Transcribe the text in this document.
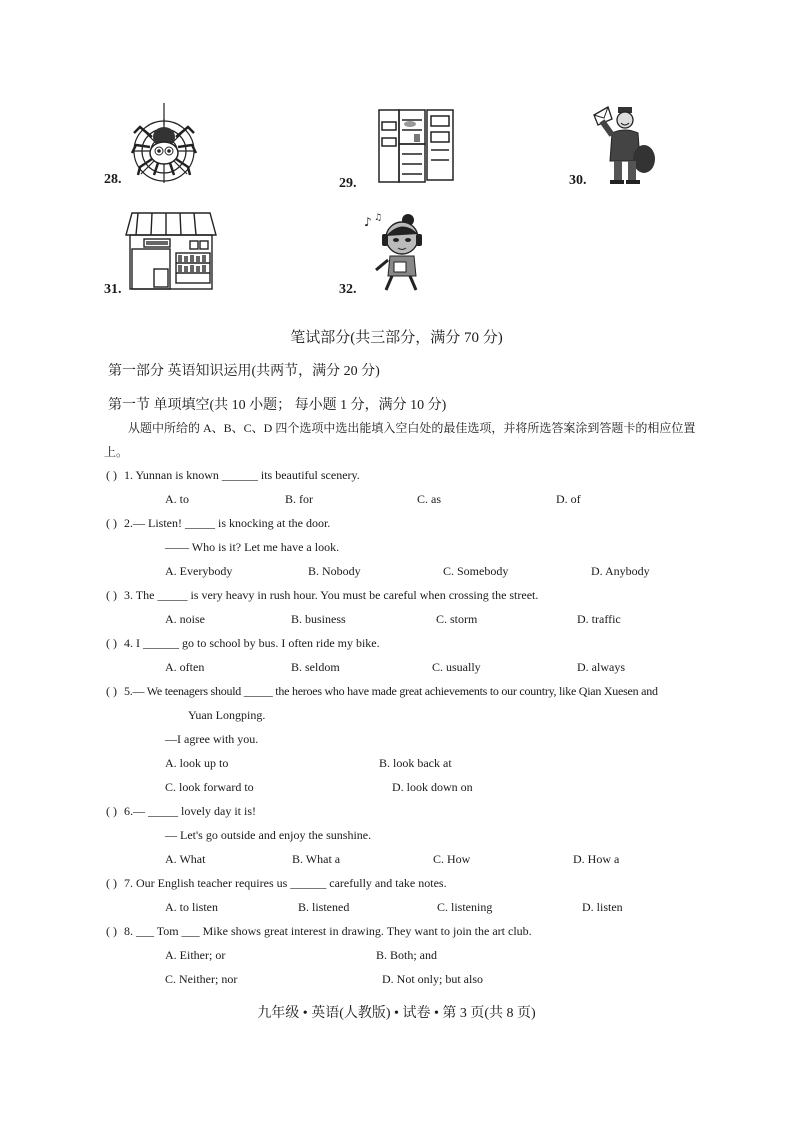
28.	29.	30.
31.	32.
♪ ♫
笔试部分(共三部分，满分 70 分)
第一部分 英语知识运用(共两节，满分 20 分)
第一节 单项填空(共 10 小题； 每小题 1 分，满分 10 分)
从题中所给的 A、B、C、D 四个选项中选出能填入空白处的最佳选项，并将所选答案涂到答题卡的相应位置上。
( ) 1. Yunnan is known ______ its beautiful scenery.
A. to	B. for	C. as	D. of
( ) 2.— Listen! _____ is knocking at the door.
—— Who is it? Let me have a look.
A. Everybody	B. Nobody	C. Somebody	D. Anybody
( ) 3. The _____ is very heavy in rush hour. You must be careful when crossing the street.
A. noise	B. business	C. storm	D. traffic
( ) 4. I ______ go to school by bus. I often ride my bike.
A. often	B. seldom	C. usually	D. always
( ) 5.— We teenagers should _____ the heroes who have made great achievements to our country, like Qian Xuesen and
Yuan Longping.
—I agree with you.
A. look up to	B. look back at
C. look forward to	D. look down on
( ) 6.— _____ lovely day it is!
— Let's go outside and enjoy the sunshine.
A. What	B. What a	C. How	D. How a
( ) 7. Our English teacher requires us ______ carefully and take notes.
A. to listen	B. listened	C. listening	D. listen
( ) 8. ___ Tom ___ Mike shows great interest in drawing. They want to join the art club.
A. Either; or	B. Both; and
C. Neither; nor	D. Not only; but also
九年级 • 英语(人教版) • 试卷 • 第 3 页(共 8 页)
